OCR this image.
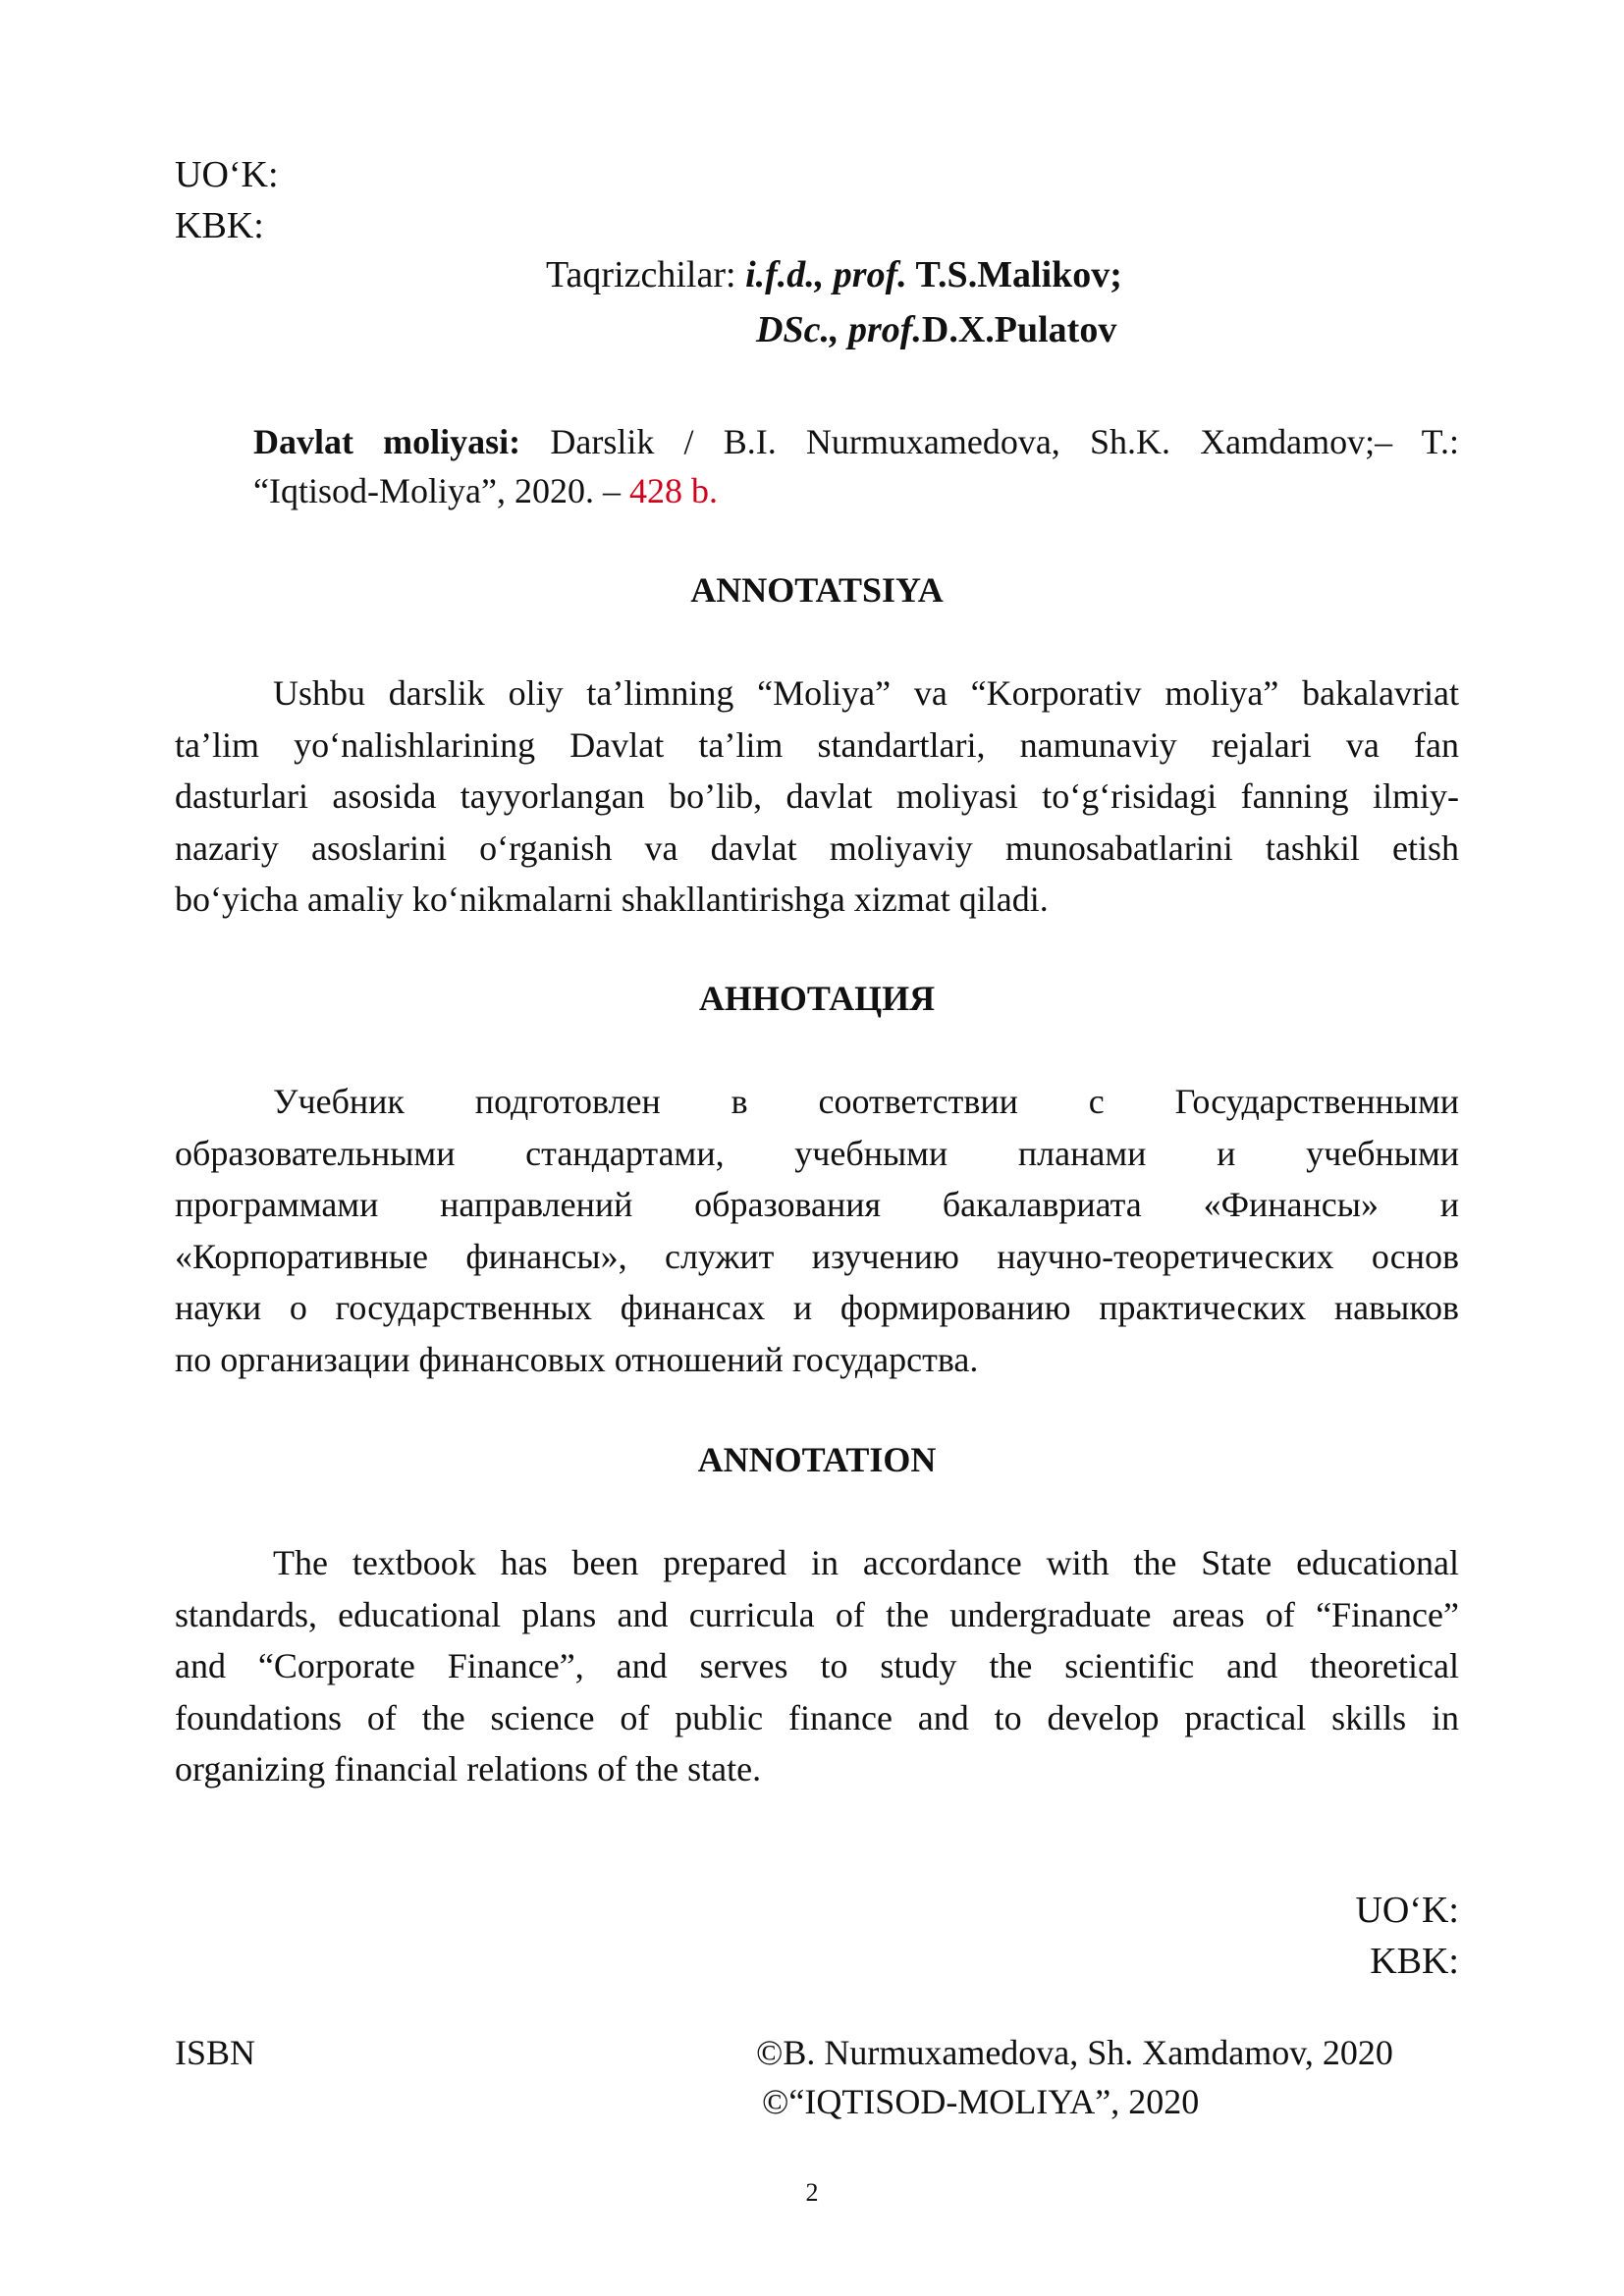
UO‘K:
KBK:
Taqrizchilar: i.f.d., prof. T.S.Malikov;
DSc., prof.D.X.Pulatov
Davlat moliyasi: Darslik / B.I. Nurmuxamedova, Sh.K. Xamdamov;– T.:
“Iqtisod-Moliya”, 2020. – 428 b.
ANNOTATSIYA
Ushbu darslik oliy ta’limning “Moliya” va “Korporativ moliya” bakalavriat
ta’lim yo‘nalishlarining Davlat ta’lim standartlari, namunaviy rejalari va fan
dasturlari asosida tayyorlangan bo’lib, davlat moliyasi to‘g‘risidagi fanning ilmiy-
nazariy asoslarini o‘rganish va davlat moliyaviy munosabatlarini tashkil etish
bo‘yicha amaliy ko‘nikmalarni shakllantirishga xizmat qiladi.
АННОТАЦИЯ
Учебник подготовлен в соответствии с Государственными
образовательными стандартами, учебными планами и учебными
программами направлений образования бакалавриата «Финансы» и
«Корпоративные финансы», служит изучению научно-теоретических основ
науки о государственных финансах и формированию практических навыков
по организации финансовых отношений государства.
ANNOTATION
The textbook has been prepared in accordance with the State educational
standards, educational plans and curricula of the undergraduate areas of “Finance”
and “Corporate Finance”, and serves to study the scientific and theoretical
foundations of the science of public finance and to develop practical skills in
organizing financial relations of the state.
UO‘K:
KBK:
ISBN	©B. Nurmuxamedova, Sh. Xamdamov, 2020
©“IQTISOD-MOLIYA”, 2020
2
